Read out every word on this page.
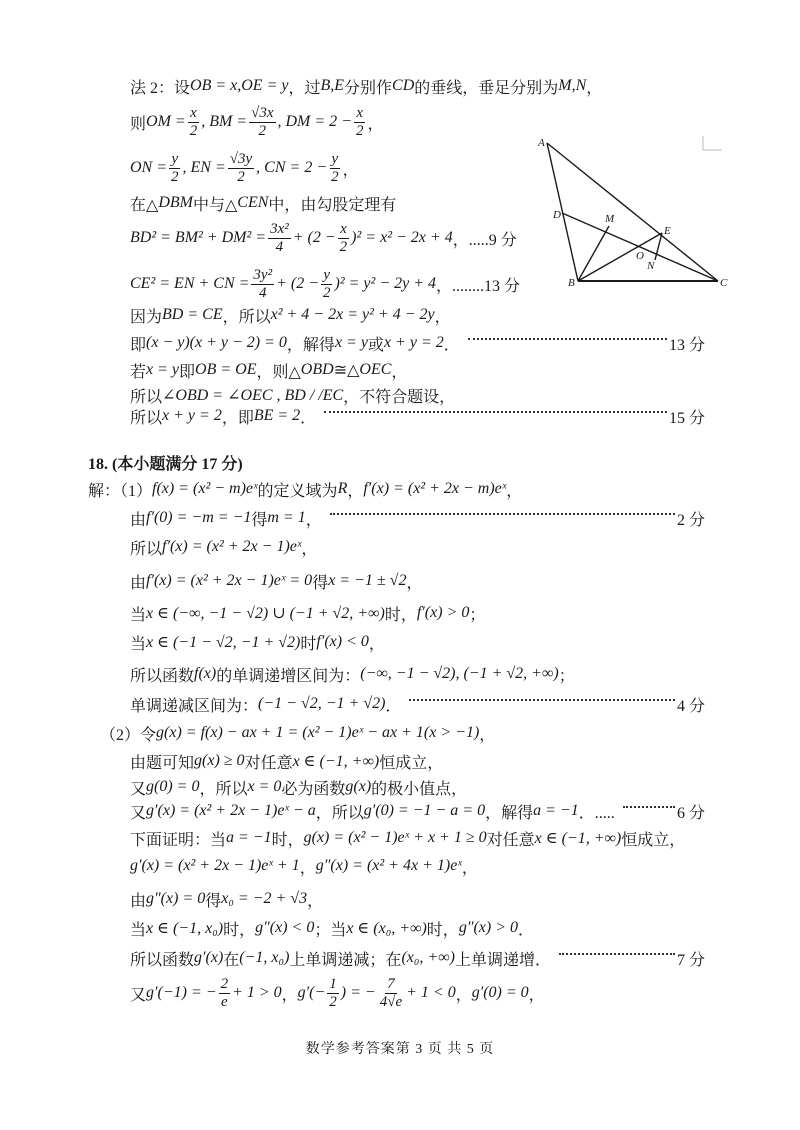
A
D	M
E
O
N
B	C
法 2：设 OB = x,OE = y ，过 B,E 分别作 CD 的垂线，垂足分别为 M,N ，
则 OM = $\frac{x}{2}$ , BM = $\frac{√3x}{2}$ , DM = $2 - \frac{x}{2}$ ，
ON = $\frac{y}{2}$ , EN = $\frac{√3y}{2}$ , CN = $2 - \frac{y}{2}$ ，
在△ DBM 中与△ CEN 中，由勾股定理有
$BD^2 = BM^2 + DM^2 = \frac{\text{3x²}}{4} + (2 - \frac{x}{2} )^2 = x^2 - 2x + 4$ ，.....9 分
CE² = EN + CN = $\frac{\text{3y²}}{4} + (2 - \frac{y}{2} )^2 = y^2 - 2y + 4$ ，........13 分
因为 BD = CE ，所以 x² + 4 − 2x = y² + 4 − 2y ，
即 (x − y)(x + y − 2) = 0 ，解得 x = y 或 x + y = 2 ．	13 分
若 x = y 即 OB = OE ，则△ OBD ≅△ OEC ，
所以 ∠OBD = ∠OEC , BD / /EC ，不符合题设，
所以 x + y = 2 ，即 BE = 2 ．	15 分
18. (本小题满分 17 分)
解：（1） f(x) = (x² − m)eˣ 的定义域为 R ， f′(x) = (x² + 2x − m)eˣ ，
由 f′(0) = −m = −1 得 m = 1 ，	2 分
所以 f′(x) = (x² + 2x − 1)eˣ ，
由 f′(x) = (x² + 2x − 1)eˣ = 0 得 x = −1 ± √2 ，
当 x ∈ (−∞, −1 − √2) ∪ (−1 + √2, +∞) 时， f′(x) > 0 ；
当 x ∈ (−1 − √2, −1 + √2) 时 f′(x) < 0 ，
所以函数 f(x) 的单调递增区间为： (−∞, −1 − √2), (−1 + √2, +∞) ；
单调递减区间为： (−1 − √2, −1 + √2) ．	4 分
（2）令 g(x) = f(x) − ax + 1 = (x² − 1)eˣ − ax + 1(x > −1) ，
由题可知 g(x) ≥ 0 对任意 x ∈ (−1, +∞) 恒成立，
又 g(0) = 0 ，所以 x = 0 必为函数 g(x) 的极小值点，
又 g′(x) = (x² + 2x − 1)eˣ − a ，所以 g′(0) = −1 − a = 0 ，解得 a = −1 ．.....	6 分
下面证明：当 a = −1 时， g(x) = (x² − 1)eˣ + x + 1 ≥ 0 对任意 x ∈ (−1, +∞) 恒成立，
g′(x) = (x² + 2x − 1)eˣ + 1 ， g″(x) = (x² + 4x + 1)eˣ ，
由 g″(x) = 0 得 x₀ = −2 + √3 ，
当 x ∈ (−1, x₀) 时， g″(x) < 0 ；当 x ∈ (x₀, +∞) 时， g″(x) > 0 ．
所以函数 g′(x) 在 (−1, x₀) 上单调递减；在 (x₀, +∞) 上单调递增．	7 分
又 g′(−1) = − $\frac{2}{e} + 1 > 0$ ， $g'(- \frac{1}{2}$ ) = − $\frac{7}{4√e} + 1 < 0$ ， g′(0) = 0 ，
数学参考答案第 3 页 共 5 页
